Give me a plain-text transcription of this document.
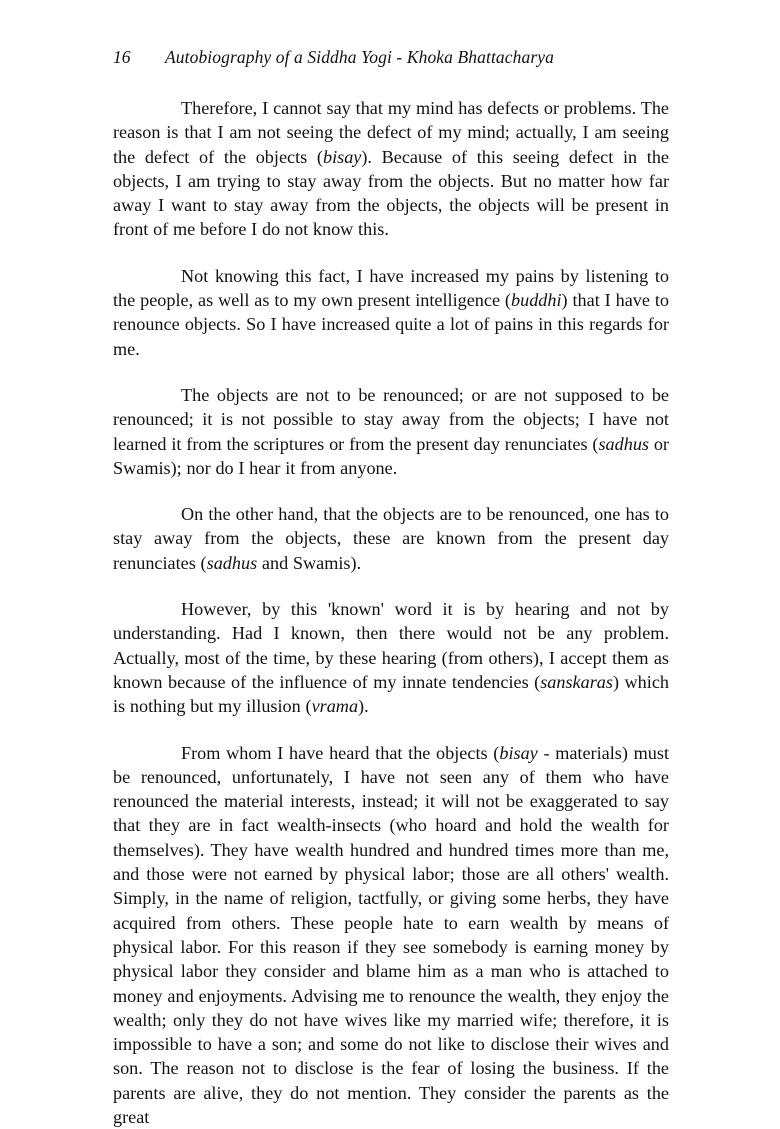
16	Autobiography of a Siddha Yogi - Khoka Bhattacharya

Therefore, I cannot say that my mind has defects or problems. The reason is that I am not seeing the defect of my mind; actually, I am seeing the defect of the objects (bisay). Because of this seeing defect in the objects, I am trying to stay away from the objects. But no matter how far away I want to stay away from the objects, the objects will be present in front of me before I do not know this.

Not knowing this fact, I have increased my pains by listening to the people, as well as to my own present intelligence (buddhi) that I have to renounce objects. So I have increased quite a lot of pains in this regards for me.

The objects are not to be renounced; or are not supposed to be renounced; it is not possible to stay away from the objects; I have not learned it from the scriptures or from the present day renunciates (sadhus or Swamis); nor do I hear it from anyone.

On the other hand, that the objects are to be renounced, one has to stay away from the objects, these are known from the present day renunciates (sadhus and Swamis).

However, by this 'known' word it is by hearing and not by understanding. Had I known, then there would not be any problem. Actually, most of the time, by these hearing (from others), I accept them as known because of the influence of my innate tendencies (sanskaras) which is nothing but my illusion (vrama).

From whom I have heard that the objects (bisay - materials) must be renounced, unfortunately, I have not seen any of them who have renounced the material interests, instead; it will not be exaggerated to say that they are in fact wealth-insects (who hoard and hold the wealth for themselves). They have wealth hundred and hundred times more than me, and those were not earned by physical labor; those are all others' wealth. Simply, in the name of religion, tactfully, or giving some herbs, they have acquired from others. These people hate to earn wealth by means of physical labor. For this reason if they see somebody is earning money by physical labor they consider and blame him as a man who is attached to money and enjoyments. Advising me to renounce the wealth, they enjoy the wealth; only they do not have wives like my married wife; therefore, it is impossible to have a son; and some do not like to disclose their wives and son. The reason not to disclose is the fear of losing the business. If the parents are alive, they do not mention. They consider the parents as the great
